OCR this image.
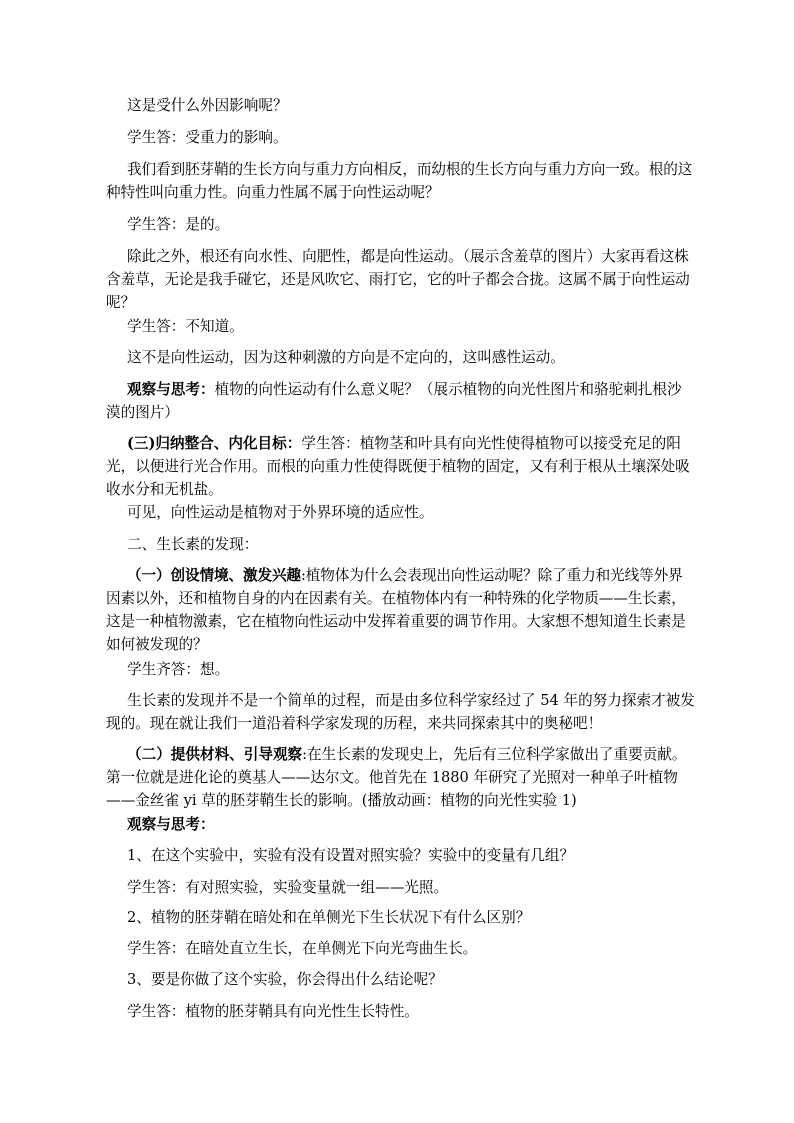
这是受什么外因影响呢？

学生答：受重力的影响。

我们看到胚芽鞘的生长方向与重力方向相反，而幼根的生长方向与重力方向一致。根的这种特性叫向重力性。向重力性属不属于向性运动呢？

学生答：是的。

除此之外，根还有向水性、向肥性，都是向性运动。（展示含羞草的图片）大家再看这株含羞草，无论是我手碰它，还是风吹它、雨打它，它的叶子都会合拢。这属不属于向性运动呢？

学生答：不知道。

这不是向性运动，因为这种刺激的方向是不定向的，这叫感性运动。

观察与思考：植物的向性运动有什么意义呢？（展示植物的向光性图片和骆驼刺扎根沙漠的图片）

(三)归纳整合、内化目标：学生答：植物茎和叶具有向光性使得植物可以接受充足的阳光，以便进行光合作用。而根的向重力性使得既便于植物的固定，又有利于根从土壤深处吸收水分和无机盐。

可见，向性运动是植物对于外界环境的适应性。

二、生长素的发现：

（一）创设情境、激发兴趣:植物体为什么会表现出向性运动呢？除了重力和光线等外界因素以外，还和植物自身的内在因素有关。在植物体内有一种特殊的化学物质——生长素，这是一种植物激素，它在植物向性运动中发挥着重要的调节作用。大家想不想知道生长素是如何被发现的？

学生齐答：想。

生长素的发现并不是一个简单的过程，而是由多位科学家经过了 54 年的努力探索才被发现的。现在就让我们一道沿着科学家发现的历程，来共同探索其中的奥秘吧！

（二）提供材料、引导观察:在生长素的发现史上，先后有三位科学家做出了重要贡献。第一位就是进化论的奠基人——达尔文。他首先在 1880 年研究了光照对一种单子叶植物——金丝雀 yi 草的胚芽鞘生长的影响。(播放动画：植物的向光性实验 1)

观察与思考：

1、在这个实验中，实验有没有设置对照实验？实验中的变量有几组？

学生答：有对照实验，实验变量就一组——光照。

2、植物的胚芽鞘在暗处和在单侧光下生长状况下有什么区别？

学生答：在暗处直立生长，在单侧光下向光弯曲生长。

3、要是你做了这个实验，你会得出什么结论呢？

学生答：植物的胚芽鞘具有向光性生长特性。
